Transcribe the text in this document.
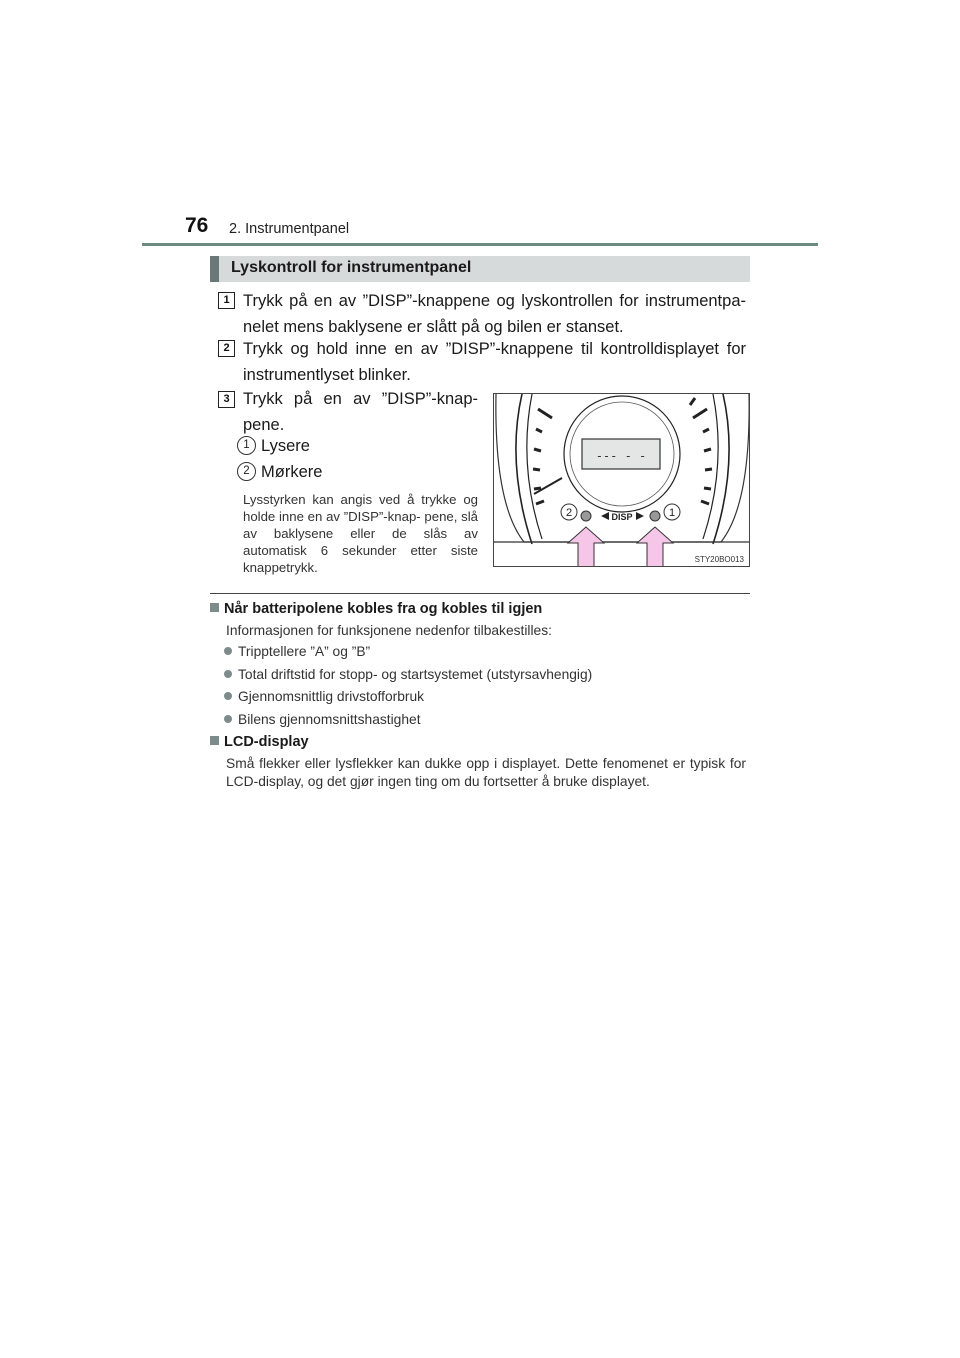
76 2. Instrumentpanel
Lyskontroll for instrumentpanel
1 Trykk på en av ”DISP”-knappene og lyskontrollen for instrumentpa- nelet mens baklysene er slått på og bilen er stanset.
2 Trykk og hold inne en av ”DISP”-knappene til kontrolldisplayet for instrumentlyset blinker.
3 Trykk på en av ”DISP”-knap- pene.
1 Lysere
2 Mørkere
Lysstyrken kan angis ved å trykke og holde inne en av ”DISP”-knap- pene, slå av baklysene eller de slås av automatisk 6 sekunder etter siste knappetrykk.
--- - -
DISP
2	1
STY20BO013
Når batteripolene kobles fra og kobles til igjen
Informasjonen for funksjonene nedenfor tilbakestilles:
Tripptellere ”A” og ”B”
Total driftstid for stopp- og startsystemet (utstyrsavhengig)
Gjennomsnittlig drivstofforbruk
Bilens gjennomsnittshastighet
LCD-display
Små flekker eller lysflekker kan dukke opp i displayet. Dette fenomenet er typisk for LCD-display, og det gjør ingen ting om du fortsetter å bruke displayet.
